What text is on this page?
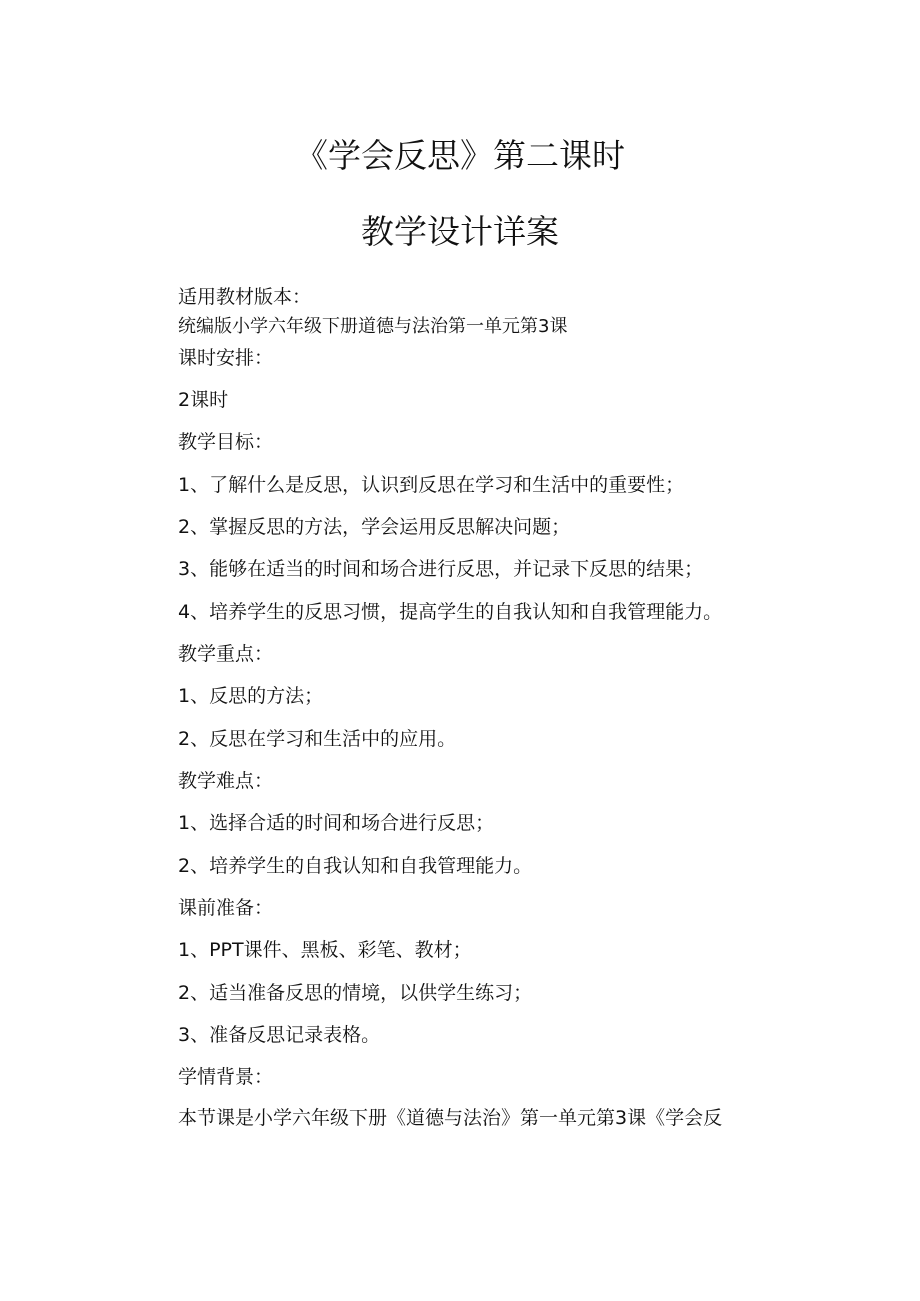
《学会反思》第二课时
教学设计详案
适用教材版本：
统编版小学六年级下册道德与法治第一单元第3课
课时安排：
2课时
教学目标：
1、了解什么是反思，认识到反思在学习和生活中的重要性；
2、掌握反思的方法，学会运用反思解决问题；
3、能够在适当的时间和场合进行反思，并记录下反思的结果；
4、培养学生的反思习惯，提高学生的自我认知和自我管理能力。
教学重点：
1、反思的方法；
2、反思在学习和生活中的应用。
教学难点：
1、选择合适的时间和场合进行反思；
2、培养学生的自我认知和自我管理能力。
课前准备：
1、PPT课件、黑板、彩笔、教材；
2、适当准备反思的情境，以供学生练习；
3、准备反思记录表格。
学情背景：
本节课是小学六年级下册《道德与法治》第一单元第3课《学会反
